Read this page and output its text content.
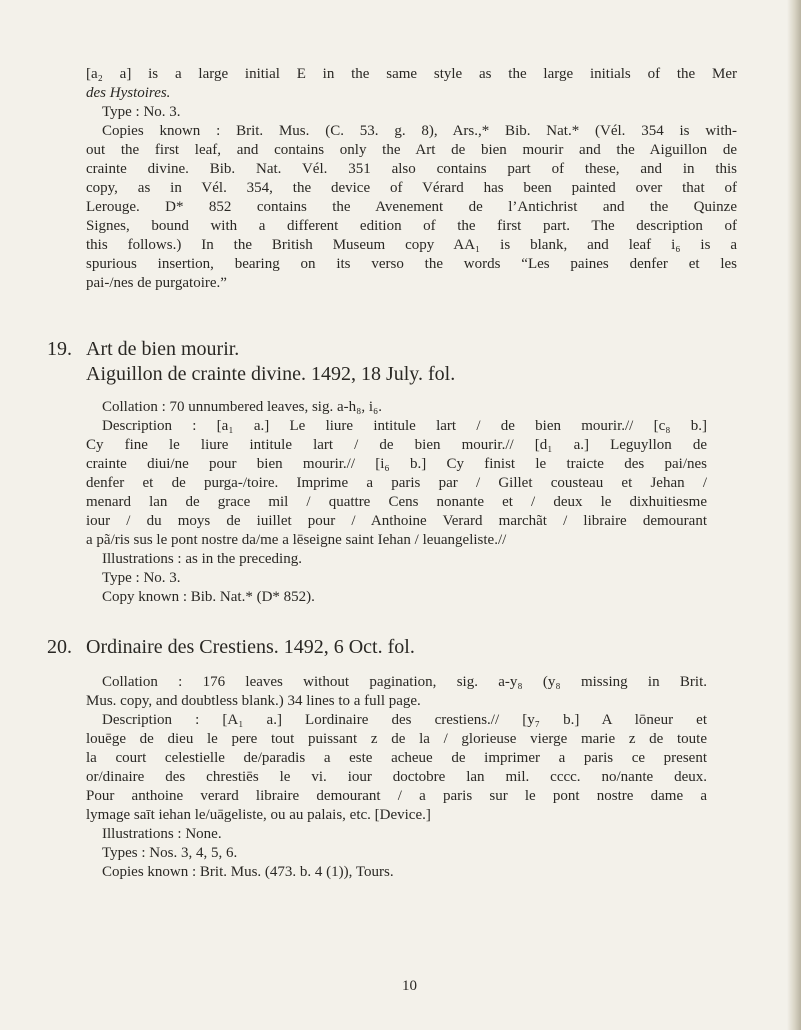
[a₂ a] is a large initial E in the same style as the large initials of the Mer
des Hystoires.
Type : No. 3.
Copies known : Brit. Mus. (C. 53. g. 8), Ars.,* Bib. Nat.* (Vél. 354 is with-
out the first leaf, and contains only the Art de bien mourir and the Aiguillon de
crainte divine. Bib. Nat. Vél. 351 also contains part of these, and in this
copy, as in Vél. 354, the device of Vérard has been painted over that of
Lerouge. D* 852 contains the Avenement de l’Antichrist and the Quinze
Signes, bound with a different edition of the first part. The description of
this follows.) In the British Museum copy AA₁ is blank, and leaf i₆ is a
spurious insertion, bearing on its verso the words “Les paines denfer et les
pai-/nes de purgatoire.”
19. Art de bien mourir.
Aiguillon de crainte divine. 1492, 18 July. fol.
Collation : 70 unnumbered leaves, sig. a-h₈, i₆.
Description : [a₁ a.] Le liure intitule lart / de bien mourir.// [c₈ b.]
Cy fine le liure intitule lart / de bien mourir.// [d₁ a.] Leguyllon de
crainte diui/ne pour bien mourir.// [i₆ b.] Cy finist le traicte des pai/nes
denfer et de purga-/toire. Imprime a paris par / Gillet cousteau et Jehan /
menard lan de grace mil / quattre Cens nonante et / deux le dixhuitiesme
iour / du moys de iuillet pour / Anthoine Verard marchãt / libraire demourant
a pã/ris sus le pont nostre da/me a lēseigne saint Iehan / leuangeliste.//
Illustrations : as in the preceding.
Type : No. 3.
Copy known : Bib. Nat.* (D* 852).
20. Ordinaire des Crestiens. 1492, 6 Oct. fol.
Collation : 176 leaves without pagination, sig. a-y₈ (y₈ missing in Brit.
Mus. copy, and doubtless blank.) 34 lines to a full page.
Description : [A₁ a.] Lordinaire des crestiens.// [y₇ b.] A lōneur et
louēge de dieu le pere tout puissant z de la / glorieuse vierge marie z de toute
la court celestielle de/paradis a este acheue de imprimer a paris ce present
or/dinaire des chrestiēs le vi. iour doctobre lan mil. cccc. no/nante deux.
Pour anthoine verard libraire demourant / a paris sur le pont nostre dame a
lymage saīt iehan le/uāgeliste, ou au palais, etc. [Device.]
Illustrations : None.
Types : Nos. 3, 4, 5, 6.
Copies known : Brit. Mus. (473. b. 4 (1)), Tours.
10
